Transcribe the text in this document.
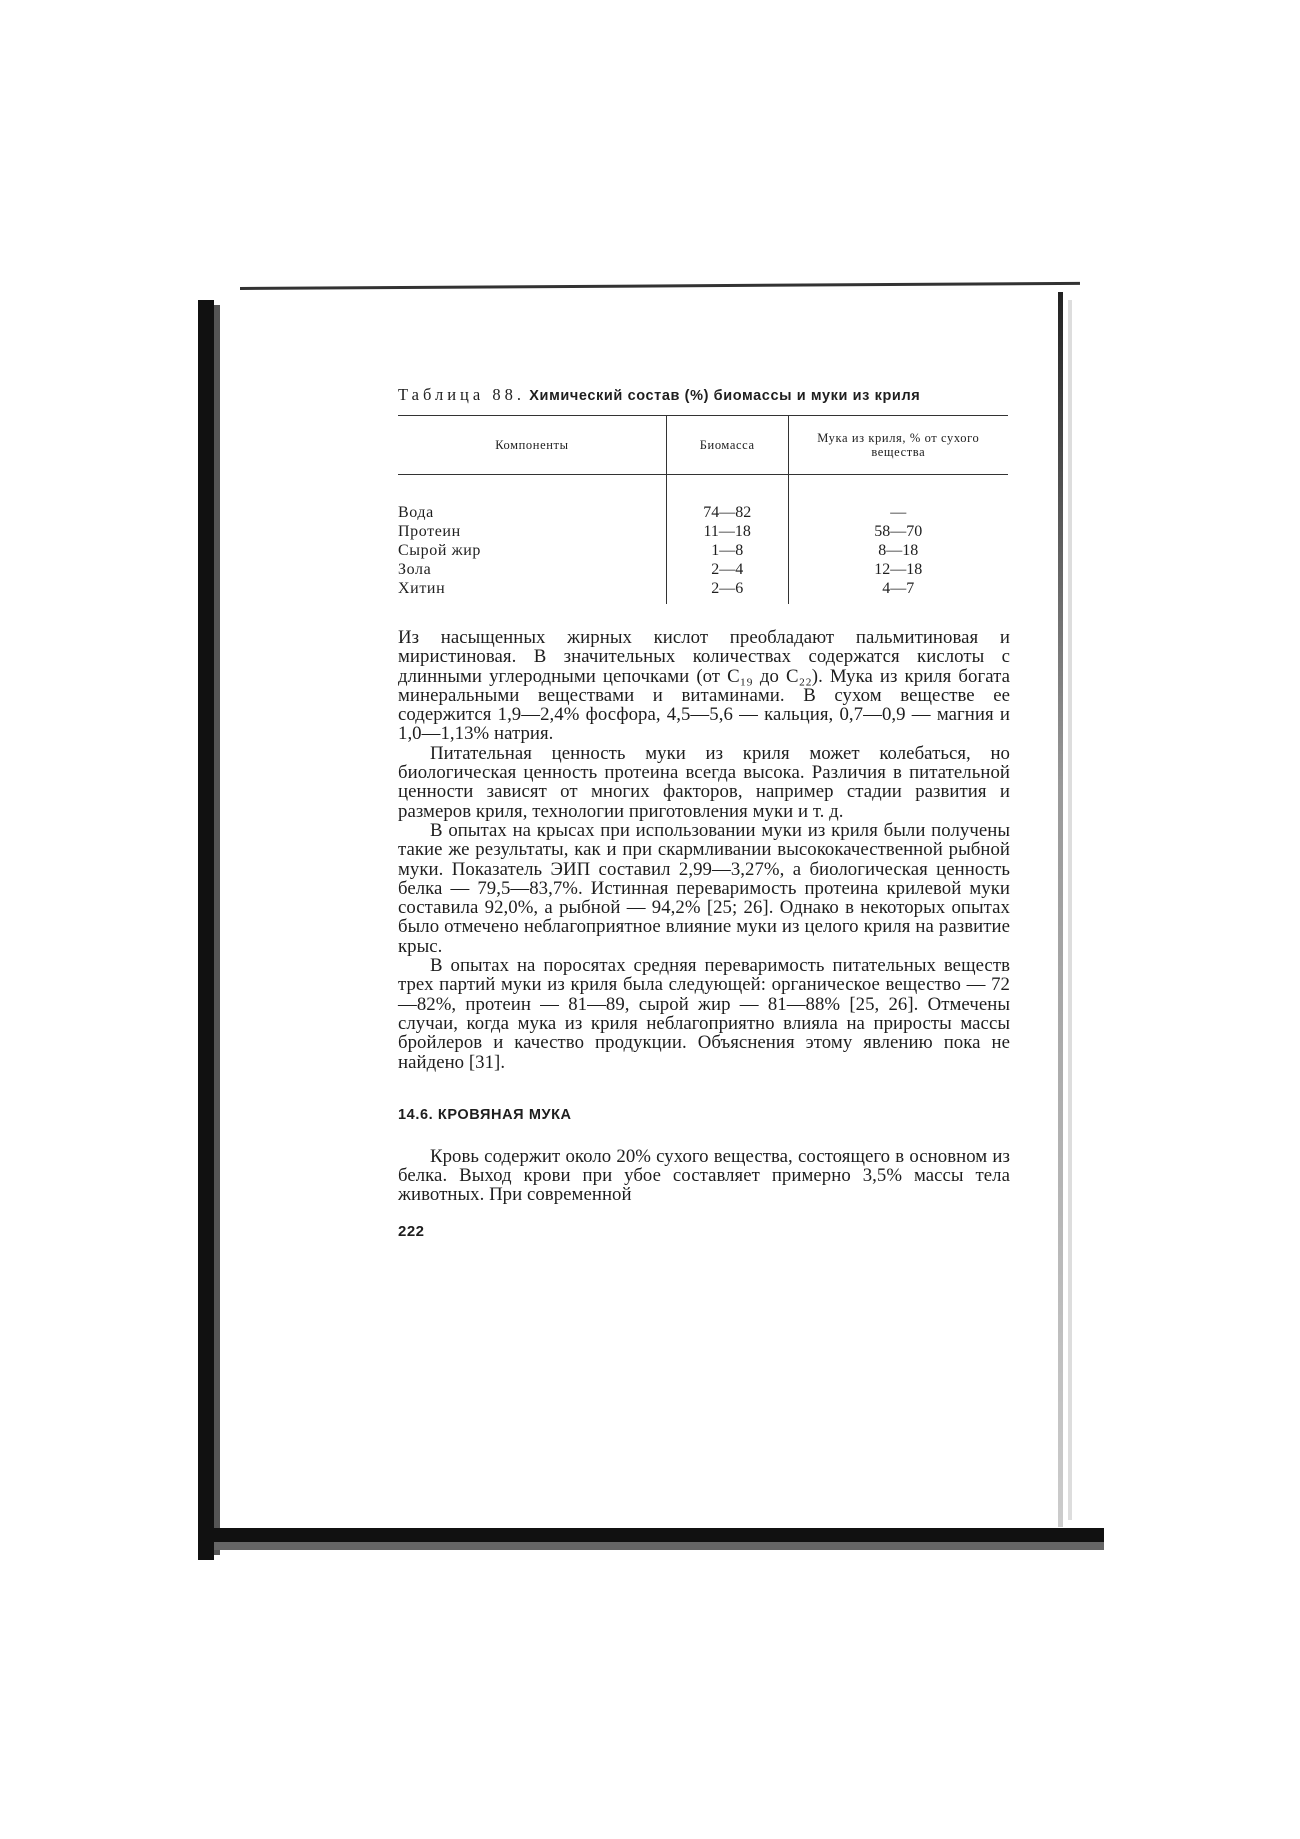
Таблица 88. Химический состав (%) биомассы и муки из криля
Компоненты	Биомасса	Мука из криля, % от сухого вещества

Вода	74—82	—
Протеин	11—18	58—70
Сырой жир	1—8	8—18
Зола	2—4	12—18
Хитин	2—6	4—7

Из насыщенных жирных кислот преобладают пальмитиновая и миристиновая. В значительных количествах содержатся кислоты с длинными углеродными цепочками (от C₁₉ до C₂₂). Мука из криля богата минеральными веществами и витаминами. В сухом веществе ее содержится 1,9—2,4% фосфора, 4,5—5,6 — кальция, 0,7—0,9 — магния и 1,0—1,13% натрия.

Питательная ценность муки из криля может колебаться, но биологическая ценность протеина всегда высока. Различия в питательной ценности зависят от многих факторов, например стадии развития и размеров криля, технологии приготовления муки и т. д.

В опытах на крысах при использовании муки из криля были получены такие же результаты, как и при скармливании высококачественной рыбной муки. Показатель ЭИП составил 2,99—3,27%, а биологическая ценность белка — 79,5—83,7%. Истинная переваримость протеина крилевой муки составила 92,0%, а рыбной — 94,2% [25; 26]. Однако в некоторых опытах было отмечено неблагоприятное влияние муки из целого криля на развитие крыс.

В опытах на поросятах средняя переваримость питательных веществ трех партий муки из криля была следующей: органическое вещество — 72—82%, протеин — 81—89, сырой жир — 81—88% [25, 26]. Отмечены случаи, когда мука из криля неблагоприятно влияла на приросты массы бройлеров и качество продукции. Объяснения этому явлению пока не найдено [31].

14.6. КРОВЯНАЯ МУКА

Кровь содержит около 20% сухого вещества, состоящего в основном из белка. Выход крови при убое составляет примерно 3,5% массы тела животных. При современной

222
